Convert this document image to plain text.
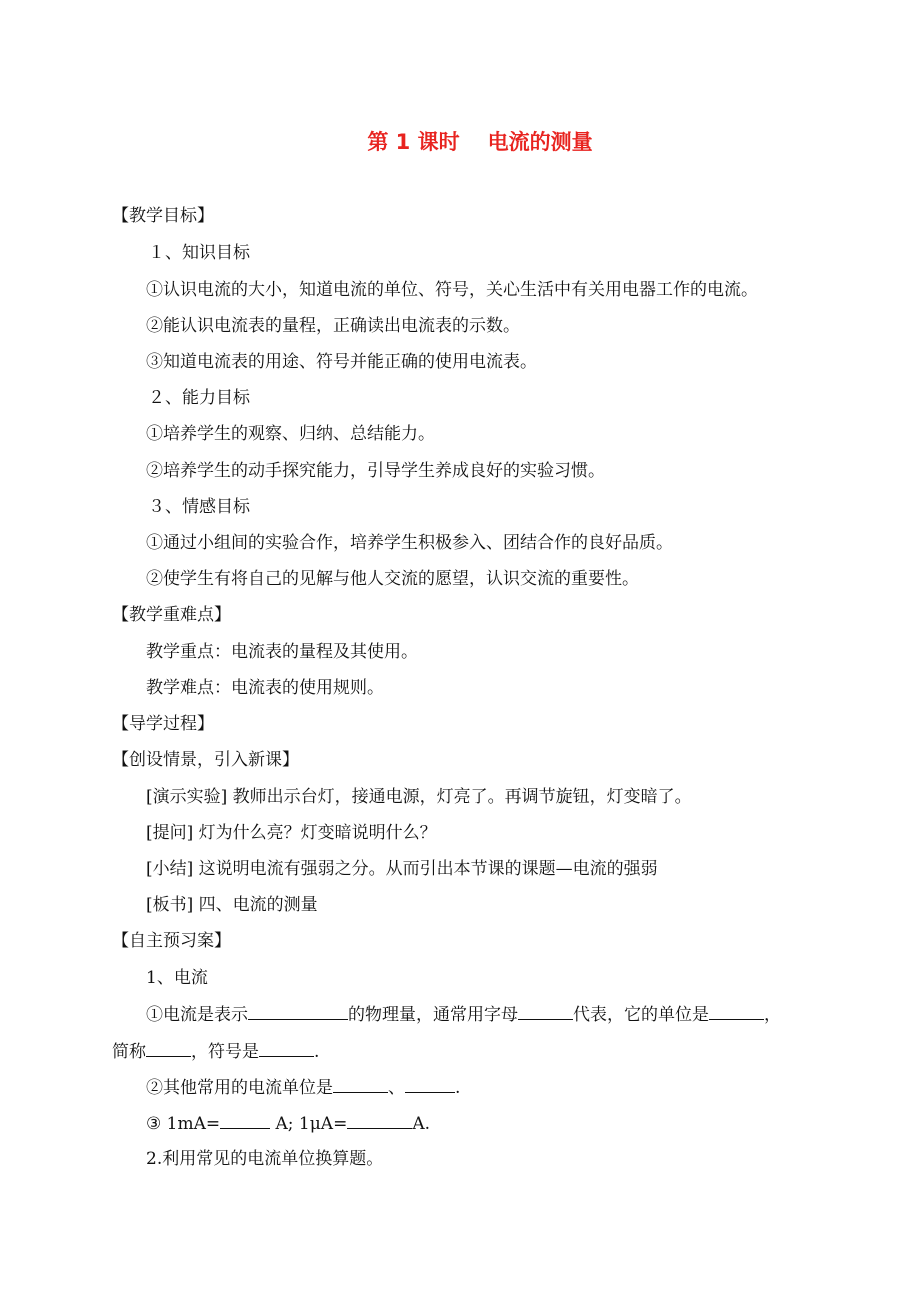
第 1 课时 电流的测量
【教学目标】
１、知识目标
①认识电流的大小，知道电流的单位、符号，关心生活中有关用电器工作的电流。
②能认识电流表的量程，正确读出电流表的示数。
③知道电流表的用途、符号并能正确的使用电流表。
２、能力目标
①培养学生的观察、归纳、总结能力。
②培养学生的动手探究能力，引导学生养成良好的实验习惯。
３、情感目标
①通过小组间的实验合作，培养学生积极参入、团结合作的良好品质。
②使学生有将自己的见解与他人交流的愿望，认识交流的重要性。
【教学重难点】
教学重点：电流表的量程及其使用。
教学难点：电流表的使用规则。
【导学过程】
【创设情景，引入新课】
[演示实验] 教师出示台灯，接通电源，灯亮了。再调节旋钮，灯变暗了。
[提问] 灯为什么亮？灯变暗说明什么？
[小结] 这说明电流有强弱之分。从而引出本节课的课题—电流的强弱
[板书] 四、电流的测量
【自主预习案】
1、电流
①电流是表示	的物理量，通常用字母	代表，它的单位是	，
简称	，符号是	.
②其他常用的电流单位是	、	.
③ 1mA=	A; 1μA=	A.
2.利用常见的电流单位换算题。
